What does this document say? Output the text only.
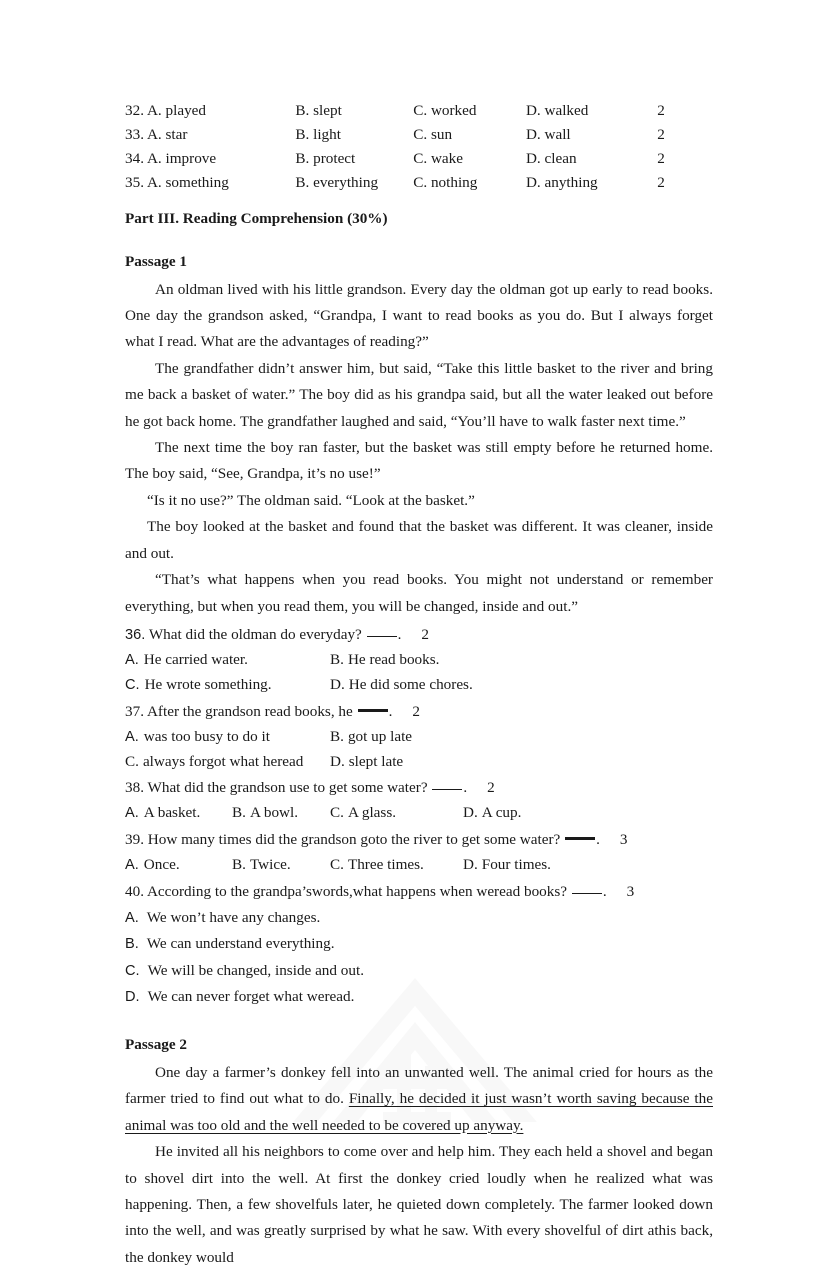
32. A. played	B. slept	C. worked	D. walked	2
33. A. star	B. light	C. sun	D. wall	2
34. A. improve	B. protect	C. wake	D. clean	2
35. A. something	B. everything	C. nothing	D. anything	2
Part III. Reading Comprehension (30%)
Passage 1

An oldman lived with his little grandson. Every day the oldman got up early to read books. One day the grandson asked, “Grandpa, I want to read books as you do. But I always forget what I read. What are the advantages of reading?”

The grandfather didn’t answer him, but said, “Take this little basket to the river and bring me back a basket of water.” The boy did as his grandpa said, but all the water leaked out before he got back home. The grandfather laughed and said, “You’ll have to walk faster next time.”

The next time the boy ran faster, but the basket was still empty before he returned home. The boy said, “See, Grandpa, it’s no use!”

“Is it no use?” The oldman said. “Look at the basket.”

The boy looked at the basket and found that the basket was different. It was cleaner, inside and out.

“That’s what happens when you read books. You might not understand or remember everything, but when you read them, you will be changed, inside and out.”

36. What did the oldman do everyday? . 2
A. He carried water.	B. He read books.
C. He wrote something.	D. He did some chores.
37. After the grandson read books, he . 2
A. was too busy to do it	B. got up late
C. always forgot what heread	D. slept late
38. What did the grandson use to get some water? . 2
A. A basket.	B. A bowl.	C. A glass.	D. A cup.
39. How many times did the grandson goto the river to get some water? . 3
A. Once.	B. Twice.	C. Three times.	D. Four times.
40. According to the grandpa’swords,what happens when weread books? . 3
A. We won’t have any changes.
B. We can understand everything.
C. We will be changed, inside and out.
D. We can never forget what weread.
Passage 2

One day a farmer’s donkey fell into an unwanted well. The animal cried for hours as the farmer tried to find out what to do. Finally, he decided it just wasn’t worth saving because the animal was too old and the well needed to be covered up anyway.

He invited all his neighbors to come over and help him. They each held a shovel and began to shovel dirt into the well. At first the donkey cried loudly when he realized what was happening. Then, a few shovelfuls later, he quieted down completely. The farmer looked down into the well, and was greatly surprised by what he saw. With every shovelful of dirt athis back, the donkey would
